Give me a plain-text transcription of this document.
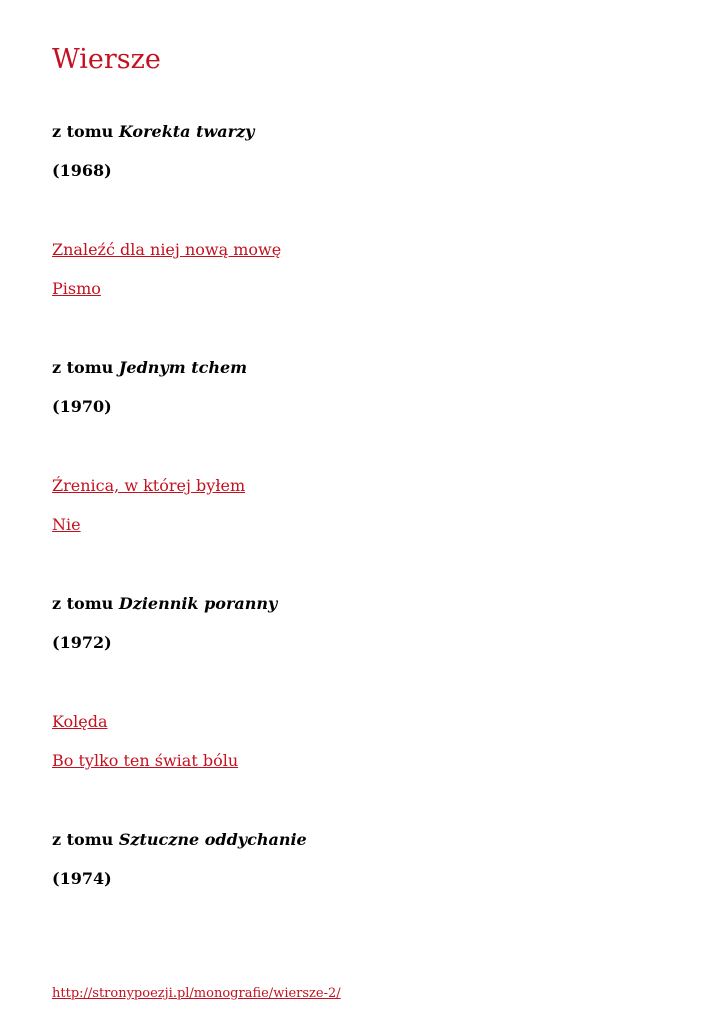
Wiersze

z tomu Korekta twarzy

(1968)

Znaleźć dla niej nową mowę
Pismo

z tomu Jednym tchem

(1970)

Źrenica, w której byłem
Nie

z tomu Dziennik poranny

(1972)

Kolęda
Bo tylko ten świat bólu

z tomu Sztuczne oddychanie

(1974)

http://stronypoezji.pl/monografie/wiersze-2/
